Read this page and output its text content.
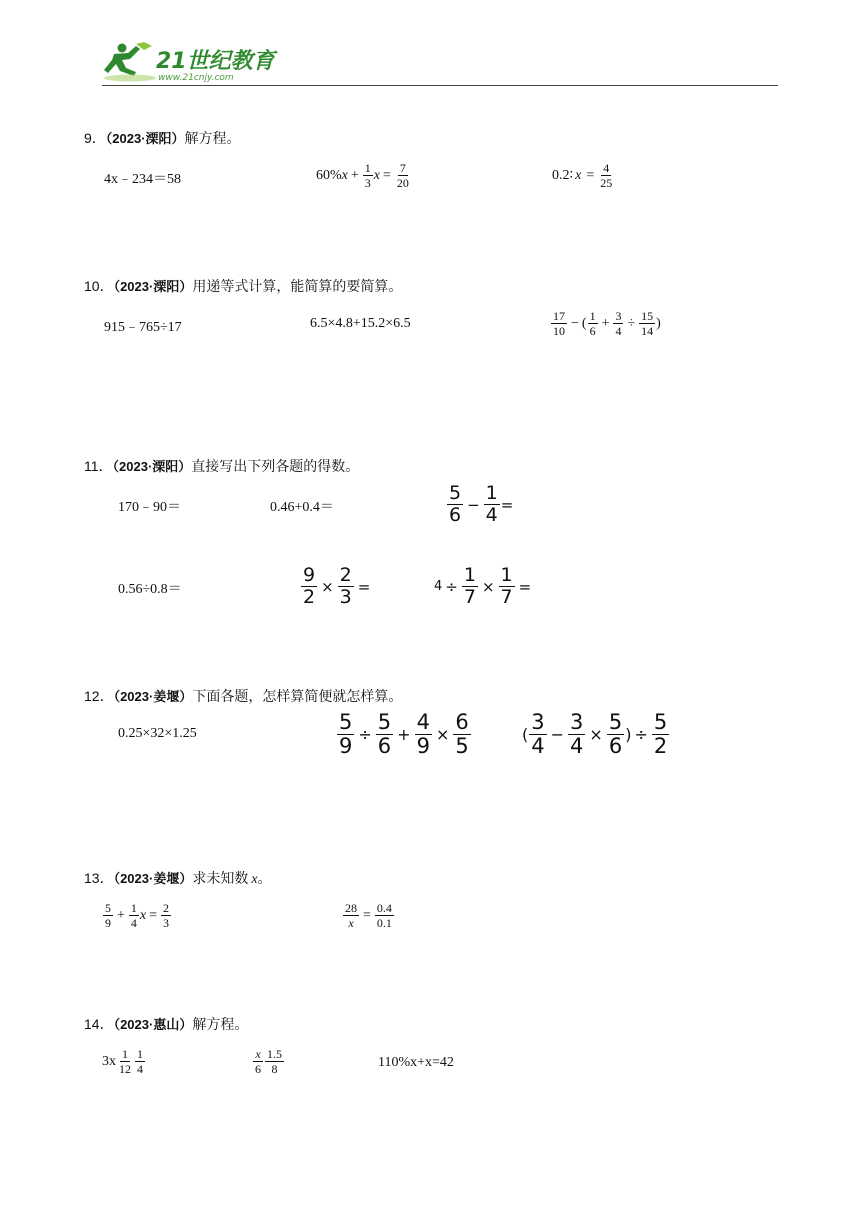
21世纪教育
www.21cnjy.com
9．（2023·溧阳）解方程。
4x﹣234＝58	60% $x + \frac{1}{3}$ $x = \frac{7}{20}$	0.2∶ $x = \frac{4}{25}$
10．（2023·溧阳）用递等式计算，能简算的要简算。
915﹣765÷17	6.5×4.8+15.2×6.5	$\frac{17}{10}$ − ( $\frac{1}{6} + \frac{3}{4} \div \frac{15}{14}$ )
11．（2023·溧阳）直接写出下列各题的得数。
170﹣90＝	0.46+0.4＝	$\frac{5}{6} - \frac{1}{4}$ =
0.56÷0.8＝	$\frac{9}{2} \times \frac{2}{3}$ =	$4 \div \frac{1}{7} \times \frac{1}{7}$ =
12．（2023·姜堰）下面各题，怎样算简便就怎样算。
0.25×32×1.25	$\frac{5}{9} \div \frac{5}{6} + \frac{4}{9} \times \frac{6}{5}$	( $\frac{3}{4} - \frac{3}{4} \times \frac{5}{6}$ ) ÷ $\frac{5}{2}$
13．（2023·姜堰）求未知数 x。
$\frac{5}{9} + \frac{1}{4}$ $x = \frac{2}{3}$	$\frac{28}{x} = \frac{0.4}{0.1}$
14．（2023·惠山）解方程。
$3x \frac{1}{12} \frac{1}{4}$	$\frac{x}{6} \frac{1.5}{8}$	110%x+x=42
